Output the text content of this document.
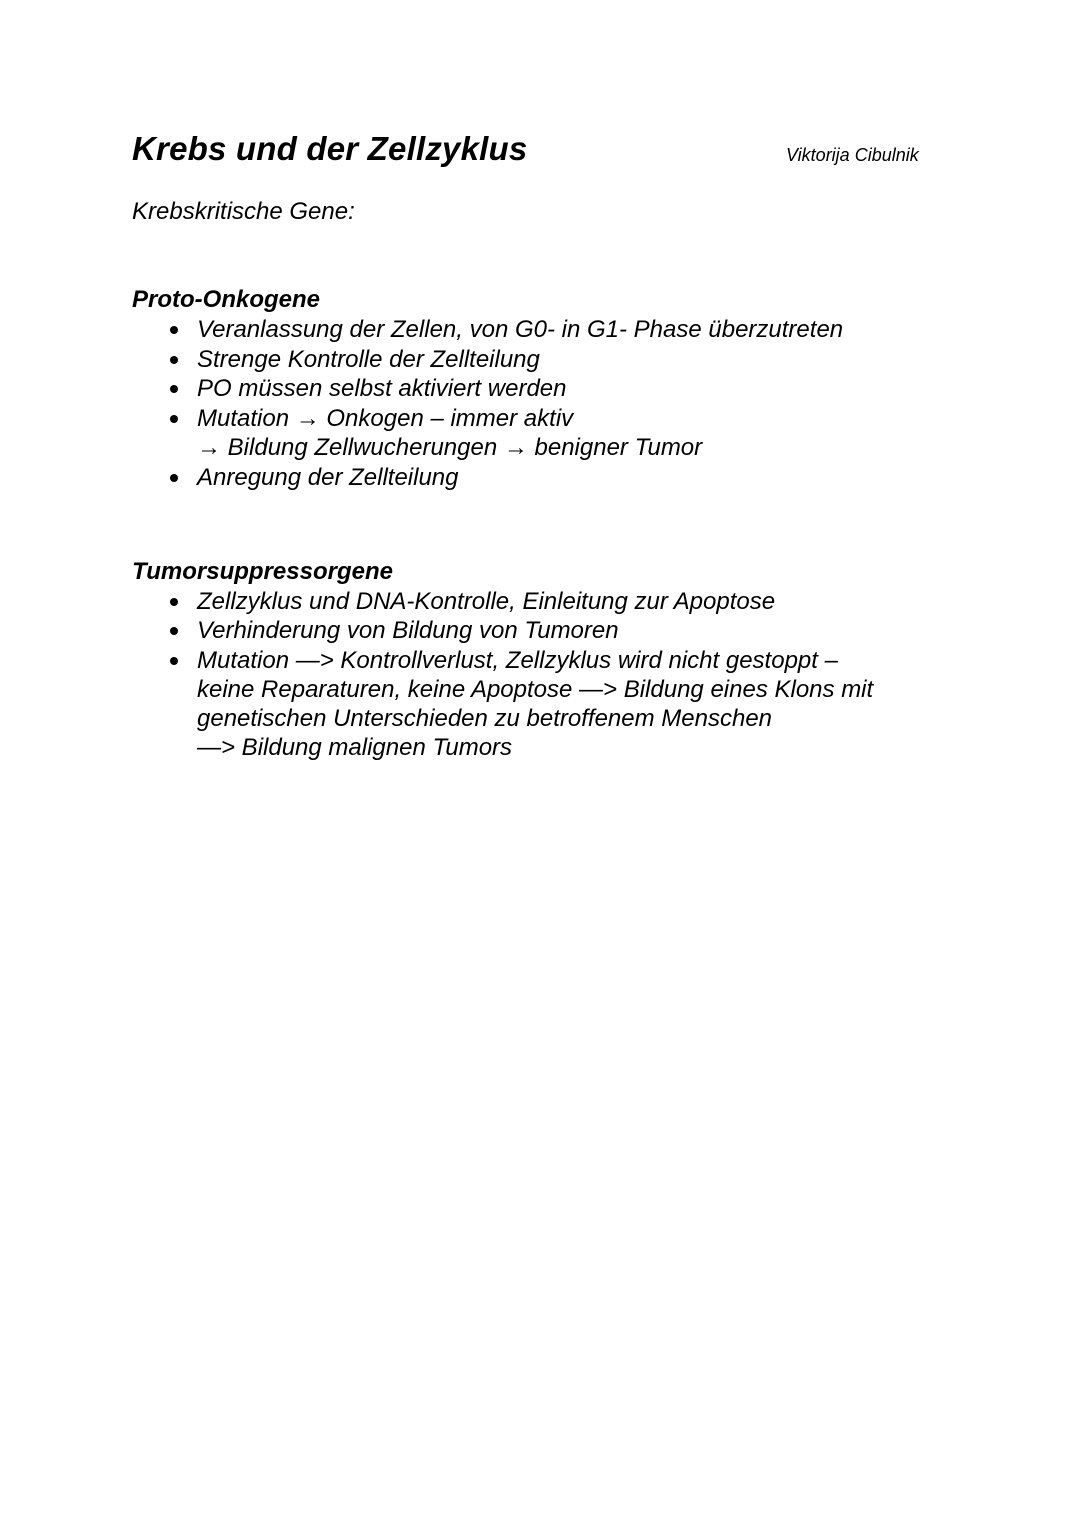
Krebs und der Zellzyklus	Viktorija Cibulnik
Krebskritische Gene:
Proto-Onkogene
Veranlassung der Zellen, von G0- in G1- Phase überzutreten
Strenge Kontrolle der Zellteilung
PO müssen selbst aktiviert werden
Mutation → Onkogen – immer aktiv
→ Bildung Zellwucherungen → benigner Tumor
Anregung der Zellteilung
Tumorsuppressorgene
Zellzyklus und DNA-Kontrolle, Einleitung zur Apoptose
Verhinderung von Bildung von Tumoren
Mutation —> Kontrollverlust, Zellzyklus wird nicht gestoppt –
keine Reparaturen, keine Apoptose —> Bildung eines Klons mit
genetischen Unterschieden zu betroffenem Menschen
—> Bildung malignen Tumors
